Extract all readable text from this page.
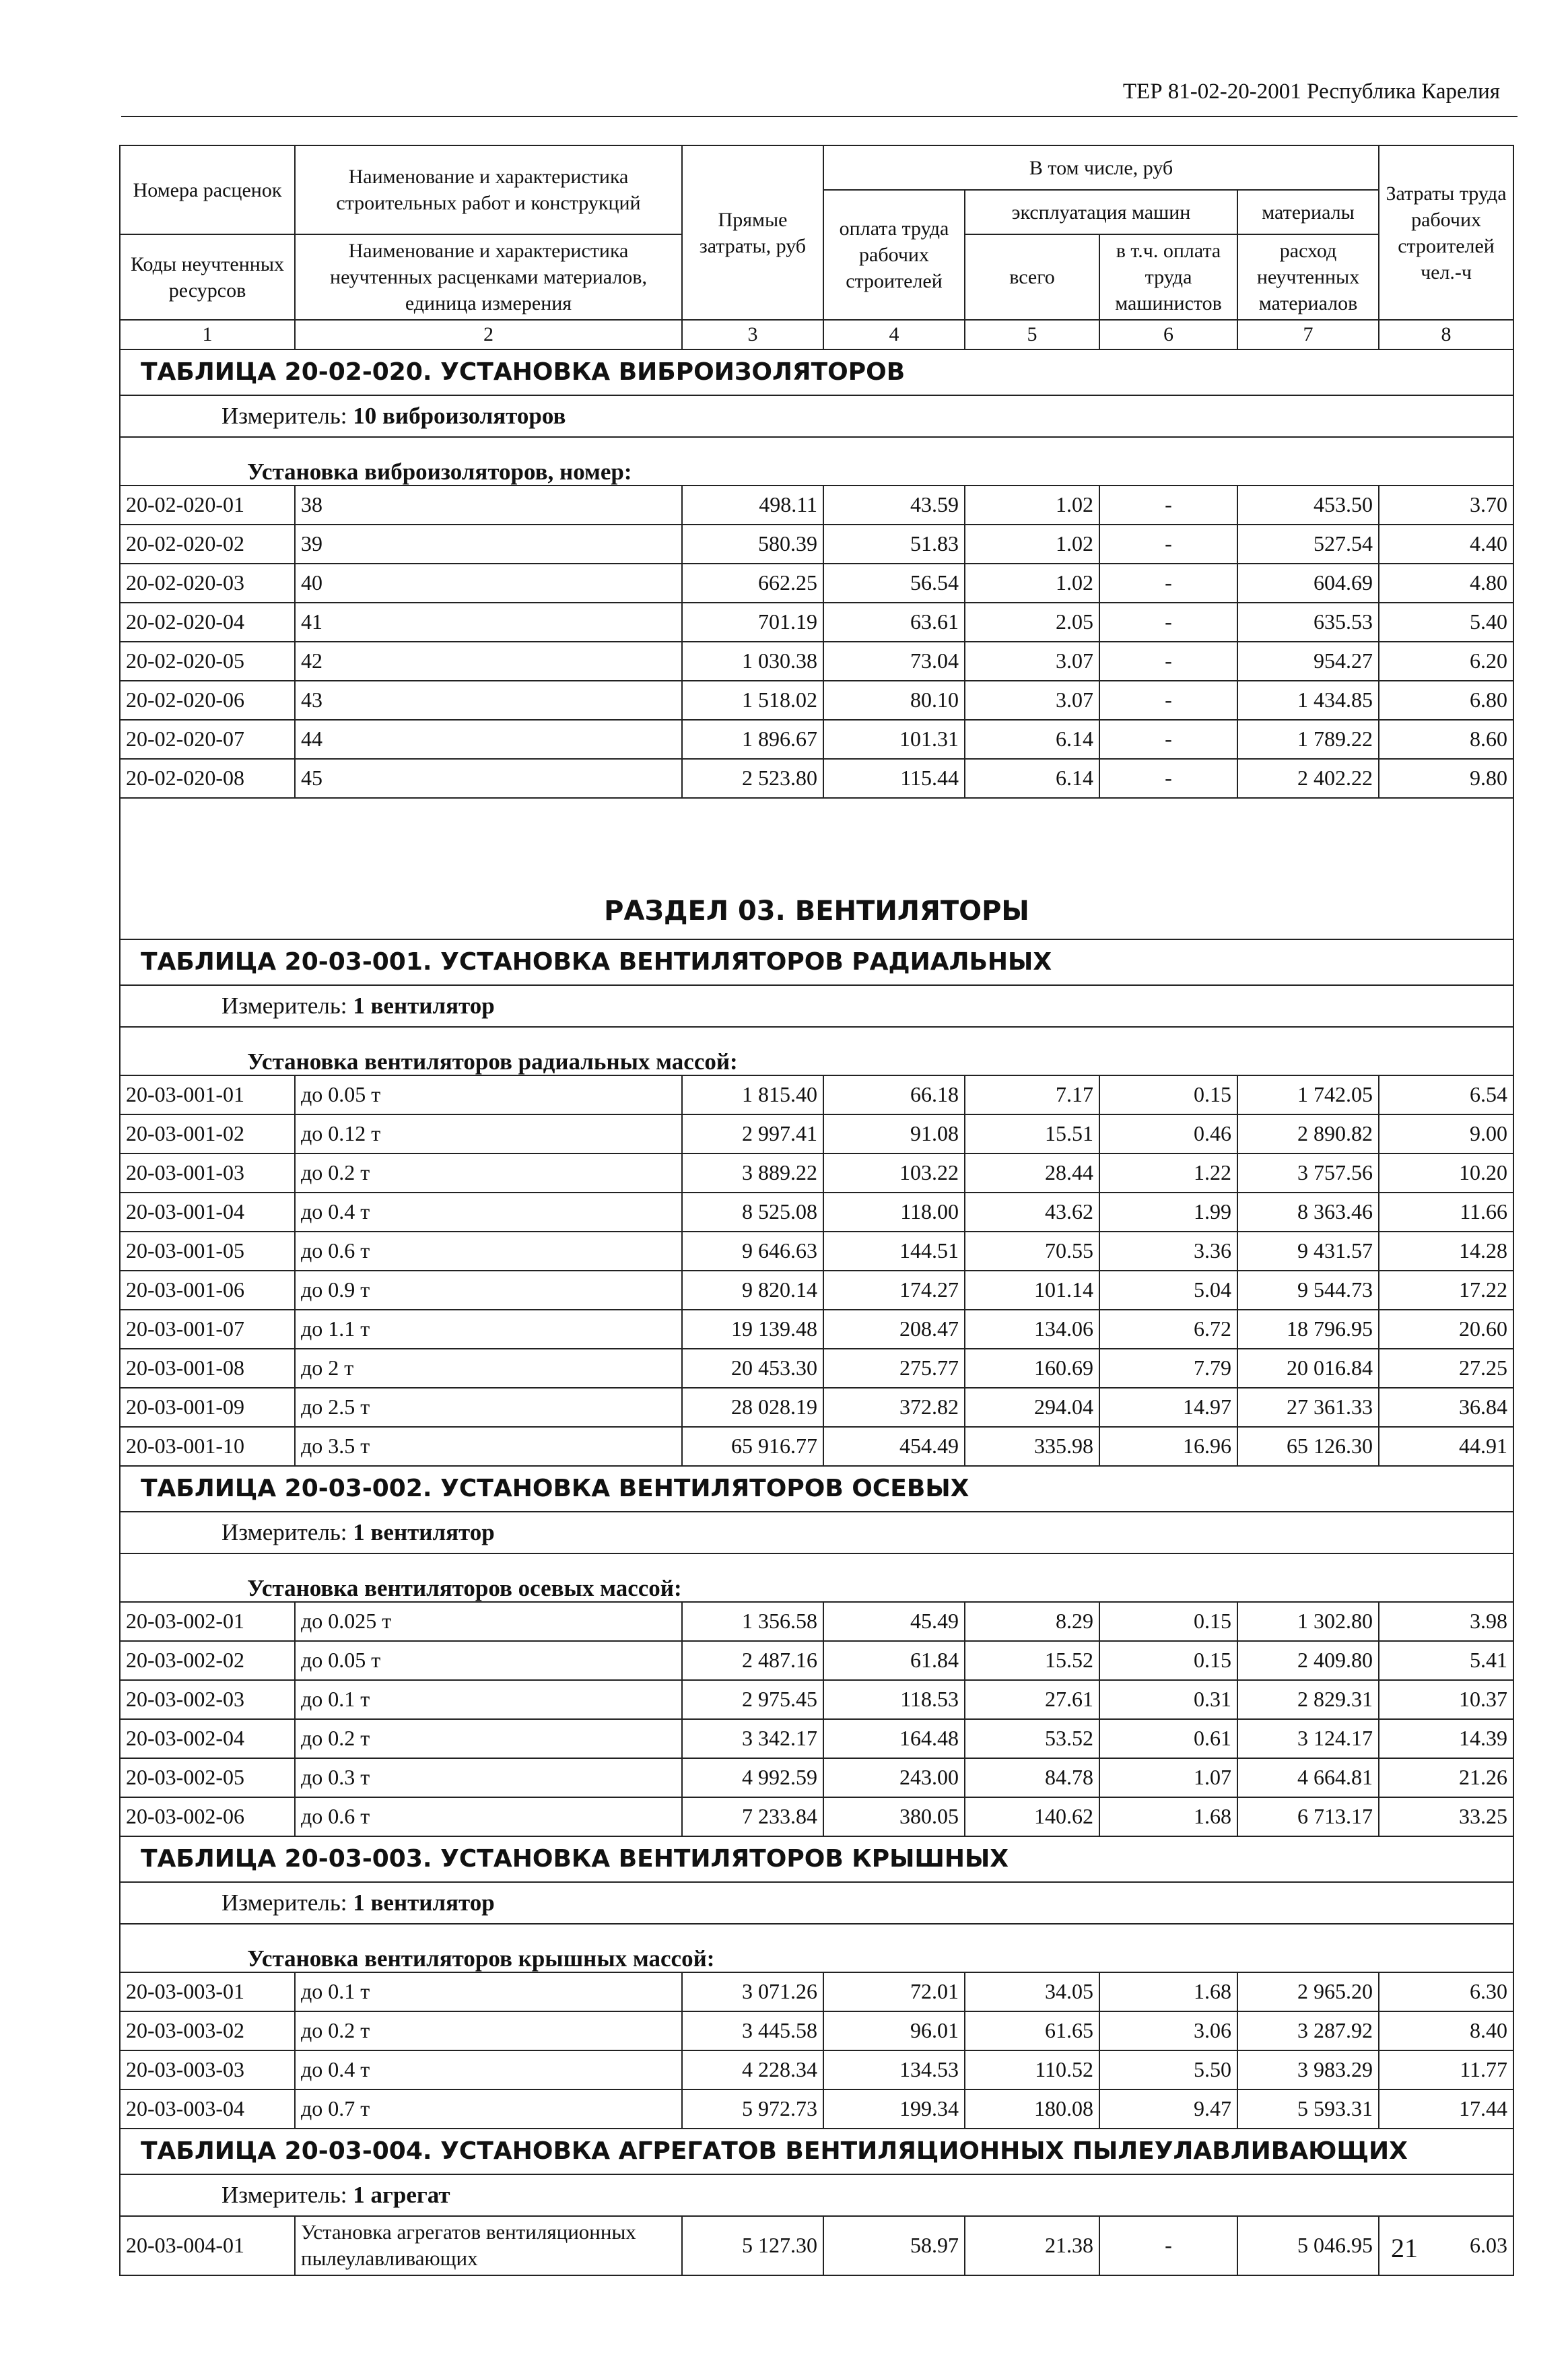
ТЕР 81-02-20-2001 Республика Карелия
Номера расценок	Наименование и характеристика строительных работ и конструкций	Прямые затраты, руб	В том числе, руб				Затраты труда рабочих строителей чел.-ч
			оплата труда рабочих строителей	эксплуатация машин		материалы	
Коды неучтенных ресурсов	Наименование и характеристика неучтенных расценками материалов, единица измерения			всего	в т.ч. оплата труда машинистов	расход неучтенных материалов	
1	2	3	4	5	6	7	8
ТАБЛИЦА 20-02-020. УСТАНОВКА ВИБРОИЗОЛЯТОРОВ							
Измеритель: 10 виброизоляторов							
Установка виброизоляторов, номер:							
20-02-020-01	38	498.11	43.59	1.02	-	453.50	3.70
20-02-020-02	39	580.39	51.83	1.02	-	527.54	4.40
20-02-020-03	40	662.25	56.54	1.02	-	604.69	4.80
20-02-020-04	41	701.19	63.61	2.05	-	635.53	5.40
20-02-020-05	42	1 030.38	73.04	3.07	-	954.27	6.20
20-02-020-06	43	1 518.02	80.10	3.07	-	1 434.85	6.80
20-02-020-07	44	1 896.67	101.31	6.14	-	1 789.22	8.60
20-02-020-08	45	2 523.80	115.44	6.14	-	2 402.22	9.80
РАЗДЕЛ 03. ВЕНТИЛЯТОРЫ							
ТАБЛИЦА 20-03-001. УСТАНОВКА ВЕНТИЛЯТОРОВ РАДИАЛЬНЫХ							
Измеритель: 1 вентилятор							
Установка вентиляторов радиальных массой:							
20-03-001-01	до 0.05 т	1 815.40	66.18	7.17	0.15	1 742.05	6.54
20-03-001-02	до 0.12 т	2 997.41	91.08	15.51	0.46	2 890.82	9.00
20-03-001-03	до 0.2 т	3 889.22	103.22	28.44	1.22	3 757.56	10.20
20-03-001-04	до 0.4 т	8 525.08	118.00	43.62	1.99	8 363.46	11.66
20-03-001-05	до 0.6 т	9 646.63	144.51	70.55	3.36	9 431.57	14.28
20-03-001-06	до 0.9 т	9 820.14	174.27	101.14	5.04	9 544.73	17.22
20-03-001-07	до 1.1 т	19 139.48	208.47	134.06	6.72	18 796.95	20.60
20-03-001-08	до 2 т	20 453.30	275.77	160.69	7.79	20 016.84	27.25
20-03-001-09	до 2.5 т	28 028.19	372.82	294.04	14.97	27 361.33	36.84
20-03-001-10	до 3.5 т	65 916.77	454.49	335.98	16.96	65 126.30	44.91
ТАБЛИЦА 20-03-002. УСТАНОВКА ВЕНТИЛЯТОРОВ ОСЕВЫХ							
Измеритель: 1 вентилятор							
Установка вентиляторов осевых массой:							
20-03-002-01	до 0.025 т	1 356.58	45.49	8.29	0.15	1 302.80	3.98
20-03-002-02	до 0.05 т	2 487.16	61.84	15.52	0.15	2 409.80	5.41
20-03-002-03	до 0.1 т	2 975.45	118.53	27.61	0.31	2 829.31	10.37
20-03-002-04	до 0.2 т	3 342.17	164.48	53.52	0.61	3 124.17	14.39
20-03-002-05	до 0.3 т	4 992.59	243.00	84.78	1.07	4 664.81	21.26
20-03-002-06	до 0.6 т	7 233.84	380.05	140.62	1.68	6 713.17	33.25
ТАБЛИЦА 20-03-003. УСТАНОВКА ВЕНТИЛЯТОРОВ КРЫШНЫХ							
Измеритель: 1 вентилятор							
Установка вентиляторов крышных массой:							
20-03-003-01	до 0.1 т	3 071.26	72.01	34.05	1.68	2 965.20	6.30
20-03-003-02	до 0.2 т	3 445.58	96.01	61.65	3.06	3 287.92	8.40
20-03-003-03	до 0.4 т	4 228.34	134.53	110.52	5.50	3 983.29	11.77
20-03-003-04	до 0.7 т	5 972.73	199.34	180.08	9.47	5 593.31	17.44
ТАБЛИЦА 20-03-004. УСТАНОВКА АГРЕГАТОВ ВЕНТИЛЯЦИОННЫХ ПЫЛЕУЛАВЛИВАЮЩИХ							
Измеритель: 1 агрегат							
20-03-004-01	Установка агрегатов вентиляционных пылеулавливающих	5 127.30	58.97	21.38	-	5 046.95	6.03
21
